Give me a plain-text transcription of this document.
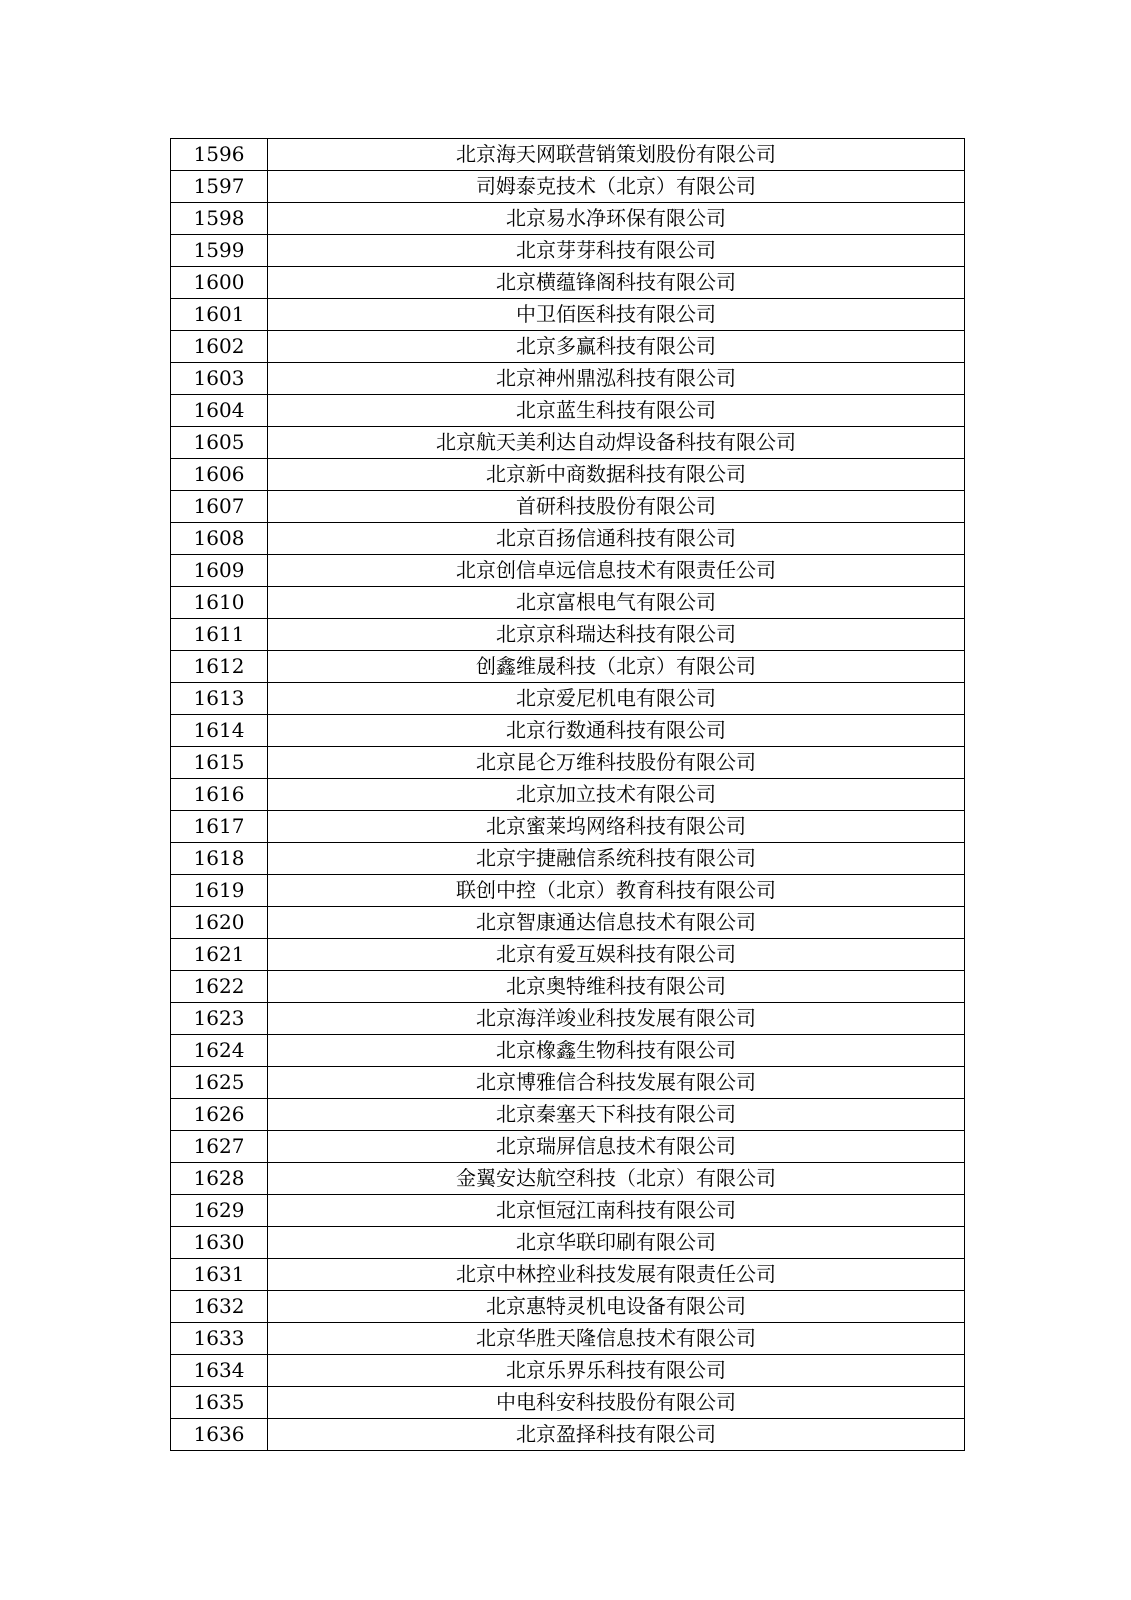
1596	北京海天网联营销策划股份有限公司
1597	司姆泰克技术（北京）有限公司
1598	北京易水净环保有限公司
1599	北京芽芽科技有限公司
1600	北京横蕴锋阁科技有限公司
1601	中卫佰医科技有限公司
1602	北京多赢科技有限公司
1603	北京神州鼎泓科技有限公司
1604	北京蓝生科技有限公司
1605	北京航天美利达自动焊设备科技有限公司
1606	北京新中商数据科技有限公司
1607	首研科技股份有限公司
1608	北京百扬信通科技有限公司
1609	北京创信卓远信息技术有限责任公司
1610	北京富根电气有限公司
1611	北京京科瑞达科技有限公司
1612	创鑫维晟科技（北京）有限公司
1613	北京爱尼机电有限公司
1614	北京行数通科技有限公司
1615	北京昆仑万维科技股份有限公司
1616	北京加立技术有限公司
1617	北京蜜莱坞网络科技有限公司
1618	北京宇捷融信系统科技有限公司
1619	联创中控（北京）教育科技有限公司
1620	北京智康通达信息技术有限公司
1621	北京有爱互娱科技有限公司
1622	北京奥特维科技有限公司
1623	北京海洋竣业科技发展有限公司
1624	北京橡鑫生物科技有限公司
1625	北京博雅信合科技发展有限公司
1626	北京秦塞天下科技有限公司
1627	北京瑞屏信息技术有限公司
1628	金翼安达航空科技（北京）有限公司
1629	北京恒冠江南科技有限公司
1630	北京华联印刷有限公司
1631	北京中林控业科技发展有限责任公司
1632	北京惠特灵机电设备有限公司
1633	北京华胜天隆信息技术有限公司
1634	北京乐界乐科技有限公司
1635	中电科安科技股份有限公司
1636	北京盈择科技有限公司
